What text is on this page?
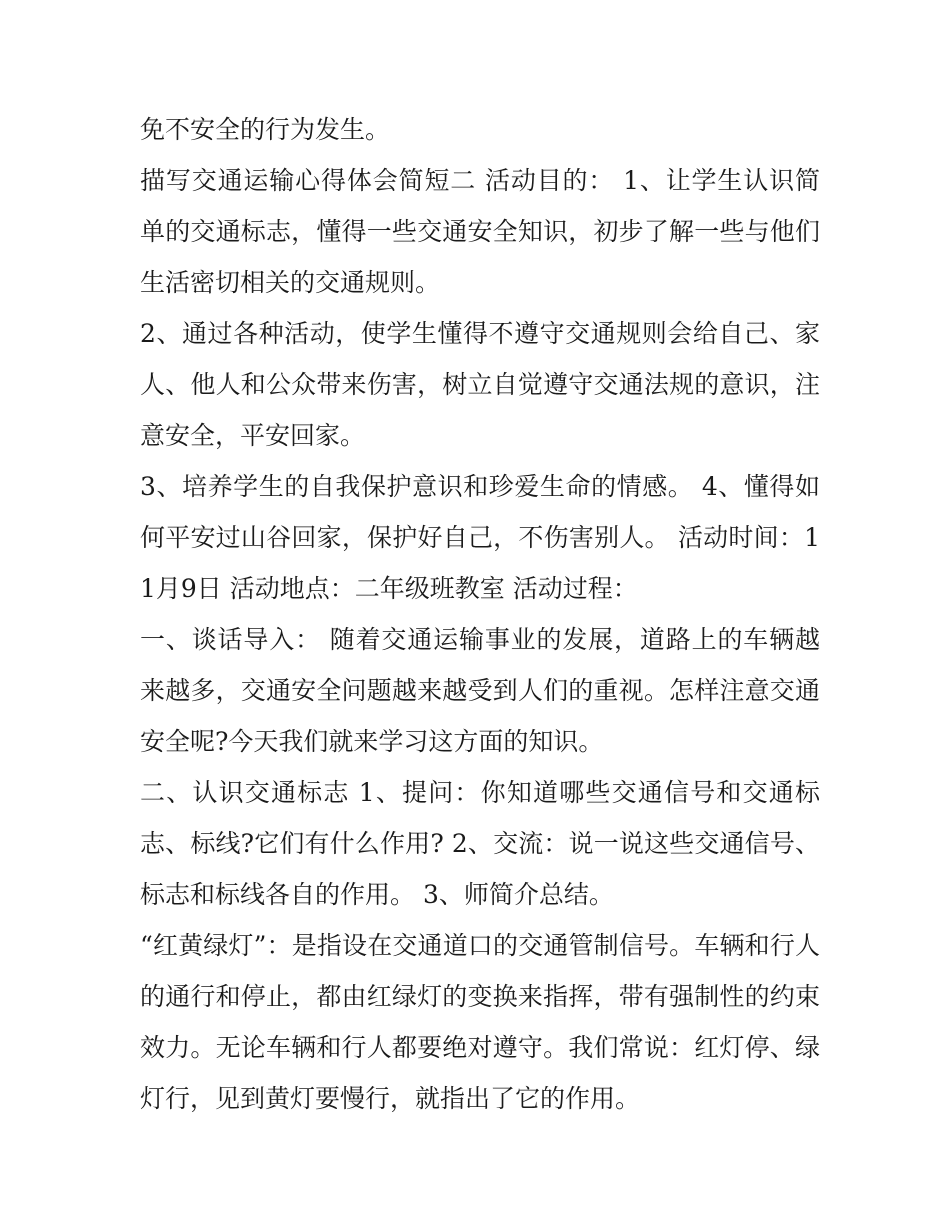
免不安全的行为发生。

描写交通运输心得体会简短二 活动目的： 1、让学生认识简单的交通标志，懂得一些交通安全知识，初步了解一些与他们生活密切相关的交通规则。

2、通过各种活动，使学生懂得不遵守交通规则会给自己、家人、他人和公众带来伤害，树立自觉遵守交通法规的意识，注意安全，平安回家。

3、培养学生的自我保护意识和珍爱生命的情感。 4、懂得如何平安过山谷回家，保护好自己，不伤害别人。 活动时间：11月9日 活动地点：二年级班教室 活动过程：

一、谈话导入： 随着交通运输事业的发展，道路上的车辆越来越多，交通安全问题越来越受到人们的重视。怎样注意交通安全呢?今天我们就来学习这方面的知识。

二、认识交通标志 1、提问：你知道哪些交通信号和交通标志、标线?它们有什么作用? 2、交流：说一说这些交通信号、标志和标线各自的作用。 3、师简介总结。

“红黄绿灯”：是指设在交通道口的交通管制信号。车辆和行人的通行和停止，都由红绿灯的变换来指挥，带有强制性的约束效力。无论车辆和行人都要绝对遵守。我们常说：红灯停、绿灯行，见到黄灯要慢行，就指出了它的作用。
